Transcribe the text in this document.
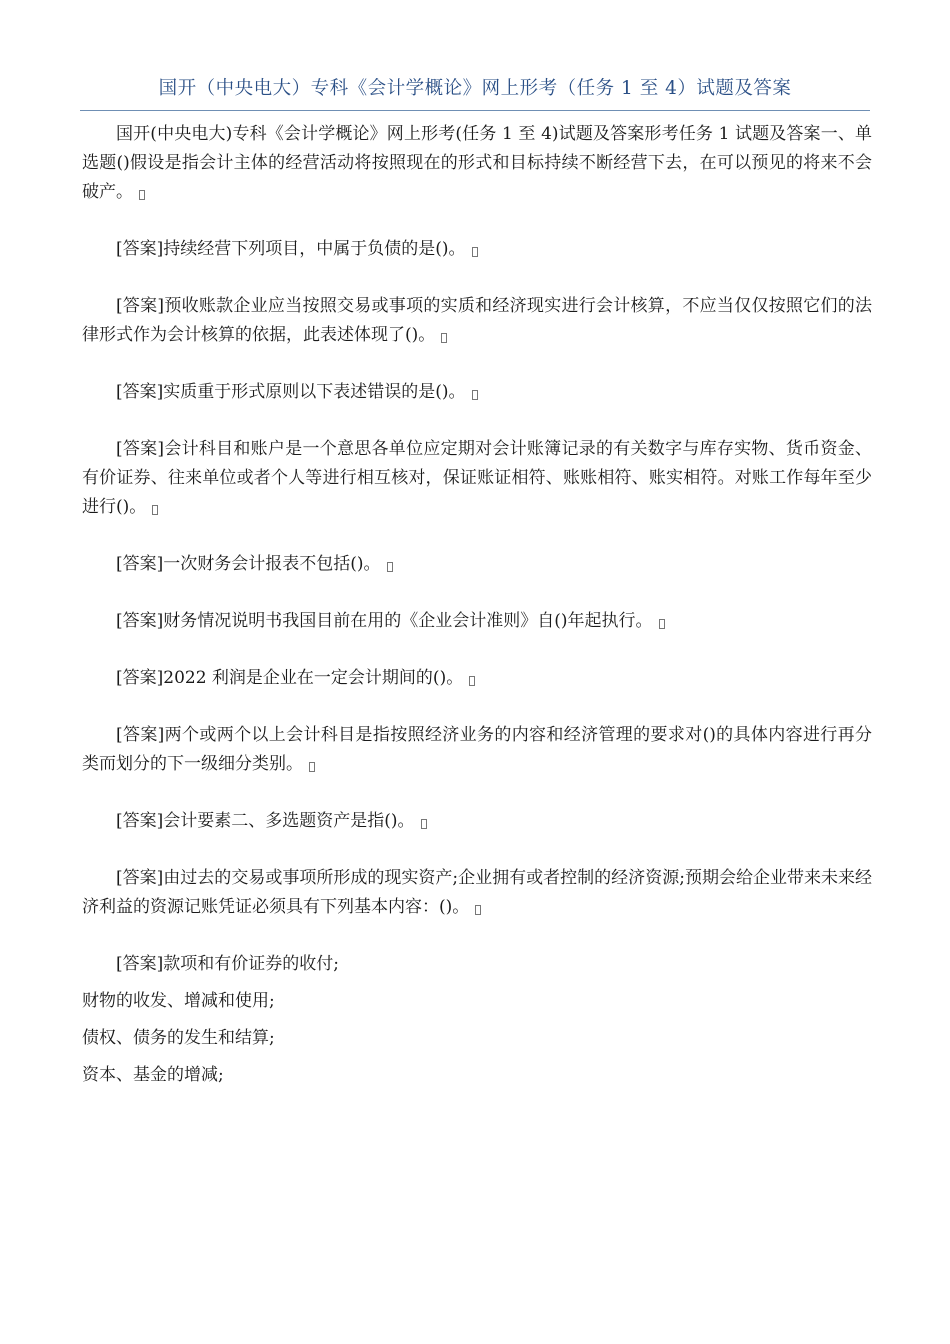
国开（中央电大）专科《会计学概论》网上形考（任务 1 至 4）试题及答案

国开(中央电大)专科《会计学概论》网上形考(任务 1 至 4)试题及答案形考任务 1 试题及答案一、单选题()假设是指会计主体的经营活动将按照现在的形式和目标持续不断经营下去，在可以预见的将来不会破产。

[答案]持续经营下列项目，中属于负债的是()。

[答案]预收账款企业应当按照交易或事项的实质和经济现实进行会计核算，不应当仅仅按照它们的法律形式作为会计核算的依据，此表述体现了()。

[答案]实质重于形式原则以下表述错误的是()。

[答案]会计科目和账户是一个意思各单位应定期对会计账簿记录的有关数字与库存实物、货币资金、有价证券、往来单位或者个人等进行相互核对，保证账证相符、账账相符、账实相符。对账工作每年至少进行()。

[答案]一次财务会计报表不包括()。

[答案]财务情况说明书我国目前在用的《企业会计准则》自()年起执行。

[答案]2022 利润是企业在一定会计期间的()。

[答案]两个或两个以上会计科目是指按照经济业务的内容和经济管理的要求对()的具体内容进行再分类而划分的下一级细分类别。

[答案]会计要素二、多选题资产是指()。

[答案]由过去的交易或事项所形成的现实资产;企业拥有或者控制的经济资源;预期会给企业带来未来经济利益的资源记账凭证必须具有下列基本内容：()。

[答案]款项和有价证券的收付;

财物的收发、增减和使用;

债权、债务的发生和结算;

资本、基金的增减;
